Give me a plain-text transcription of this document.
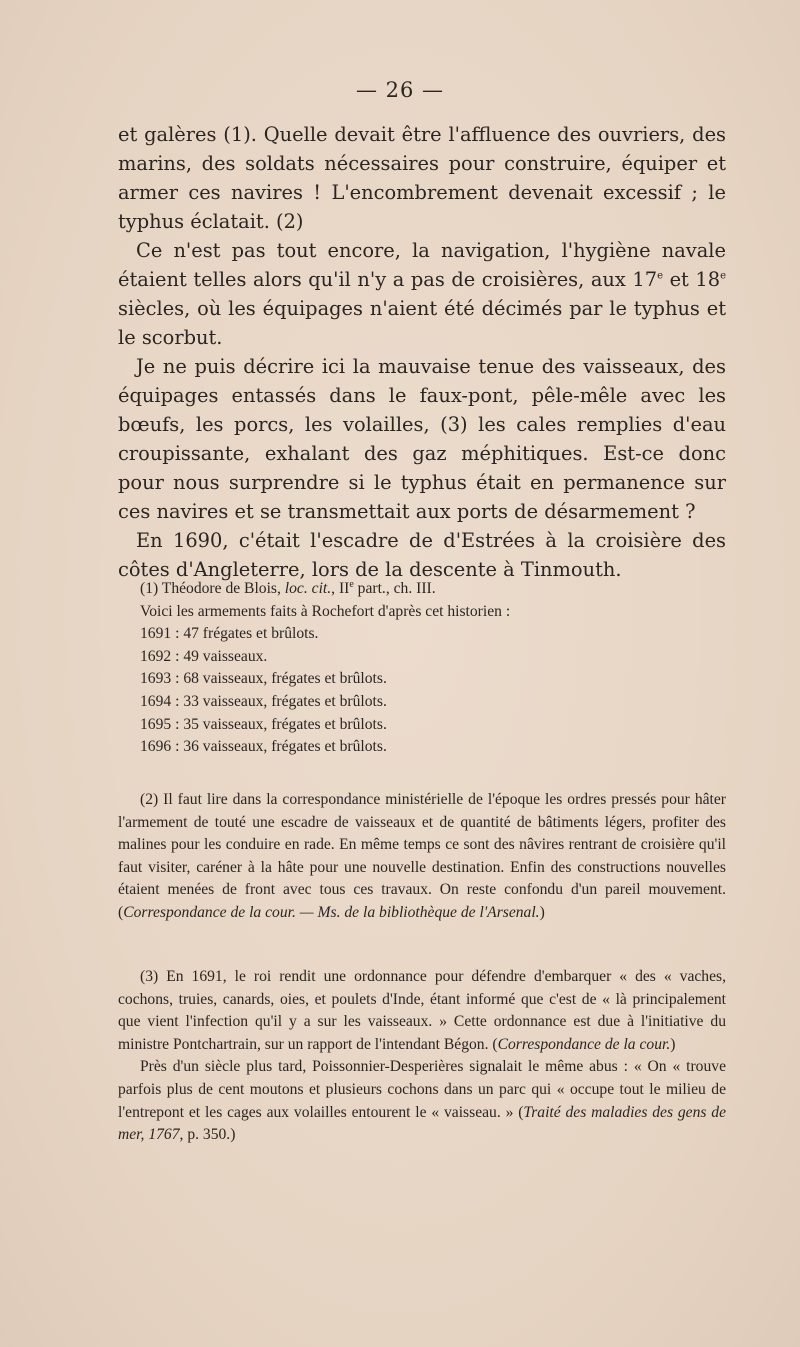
— 26 —

et galères (1). Quelle devait être l'affluence des ouvriers, des marins, des soldats nécessaires pour construire, équiper et armer ces navires ! L'encombrement devenait excessif ; le typhus éclatait. (2)

Ce n'est pas tout encore, la navigation, l'hygiène navale étaient telles alors qu'il n'y a pas de croisières, aux 17e et 18e siècles, où les équipages n'aient été décimés par le typhus et le scorbut.

Je ne puis décrire ici la mauvaise tenue des vaisseaux, des équipages entassés dans le faux-pont, pêle-mêle avec les bœufs, les porcs, les volailles, (3) les cales remplies d'eau croupissante, exhalant des gaz méphitiques. Est-ce donc pour nous surprendre si le typhus était en permanence sur ces navires et se transmettait aux ports de désarmement ?

En 1690, c'était l'escadre de d'Estrées à la croisière des côtes d'Angleterre, lors de la descente à Tinmouth.

(1) Théodore de Blois, loc. cit., IIe part., ch. III.

Voici les armements faits à Rochefort d'après cet historien :

1691 : 47 frégates et brûlots.
1692 : 49 vaisseaux.
1693 : 68 vaisseaux, frégates et brûlots.
1694 : 33 vaisseaux, frégates et brûlots.
1695 : 35 vaisseaux, frégates et brûlots.
1696 : 36 vaisseaux, frégates et brûlots.

(2) Il faut lire dans la correspondance ministérielle de l'époque les ordres pressés pour hâter l'armement de touté une escadre de vaisseaux et de quantité de bâtiments légers, profiter des malines pour les conduire en rade. En même temps ce sont des nâvires rentrant de croisière qu'il faut visiter, caréner à la hâte pour une nouvelle destination. Enfin des constructions nouvelles étaient menées de front avec tous ces travaux. On reste confondu d'un pareil mouvement. (Correspondance de la cour. — Ms. de la bibliothèque de l'Arsenal.)

(3) En 1691, le roi rendit une ordonnance pour défendre d'embarquer « des « vaches, cochons, truies, canards, oies, et poulets d'Inde, étant informé que c'est de « là principalement que vient l'infection qu'il y a sur les vaisseaux. » Cette ordonnance est due à l'initiative du ministre Pontchartrain, sur un rapport de l'intendant Bégon. (Correspondance de la cour.)

Près d'un siècle plus tard, Poissonnier-Desperières signalait le même abus : « On « trouve parfois plus de cent moutons et plusieurs cochons dans un parc qui « occupe tout le milieu de l'entrepont et les cages aux volailles entourent le « vaisseau. » (Traité des maladies des gens de mer, 1767, p. 350.)
